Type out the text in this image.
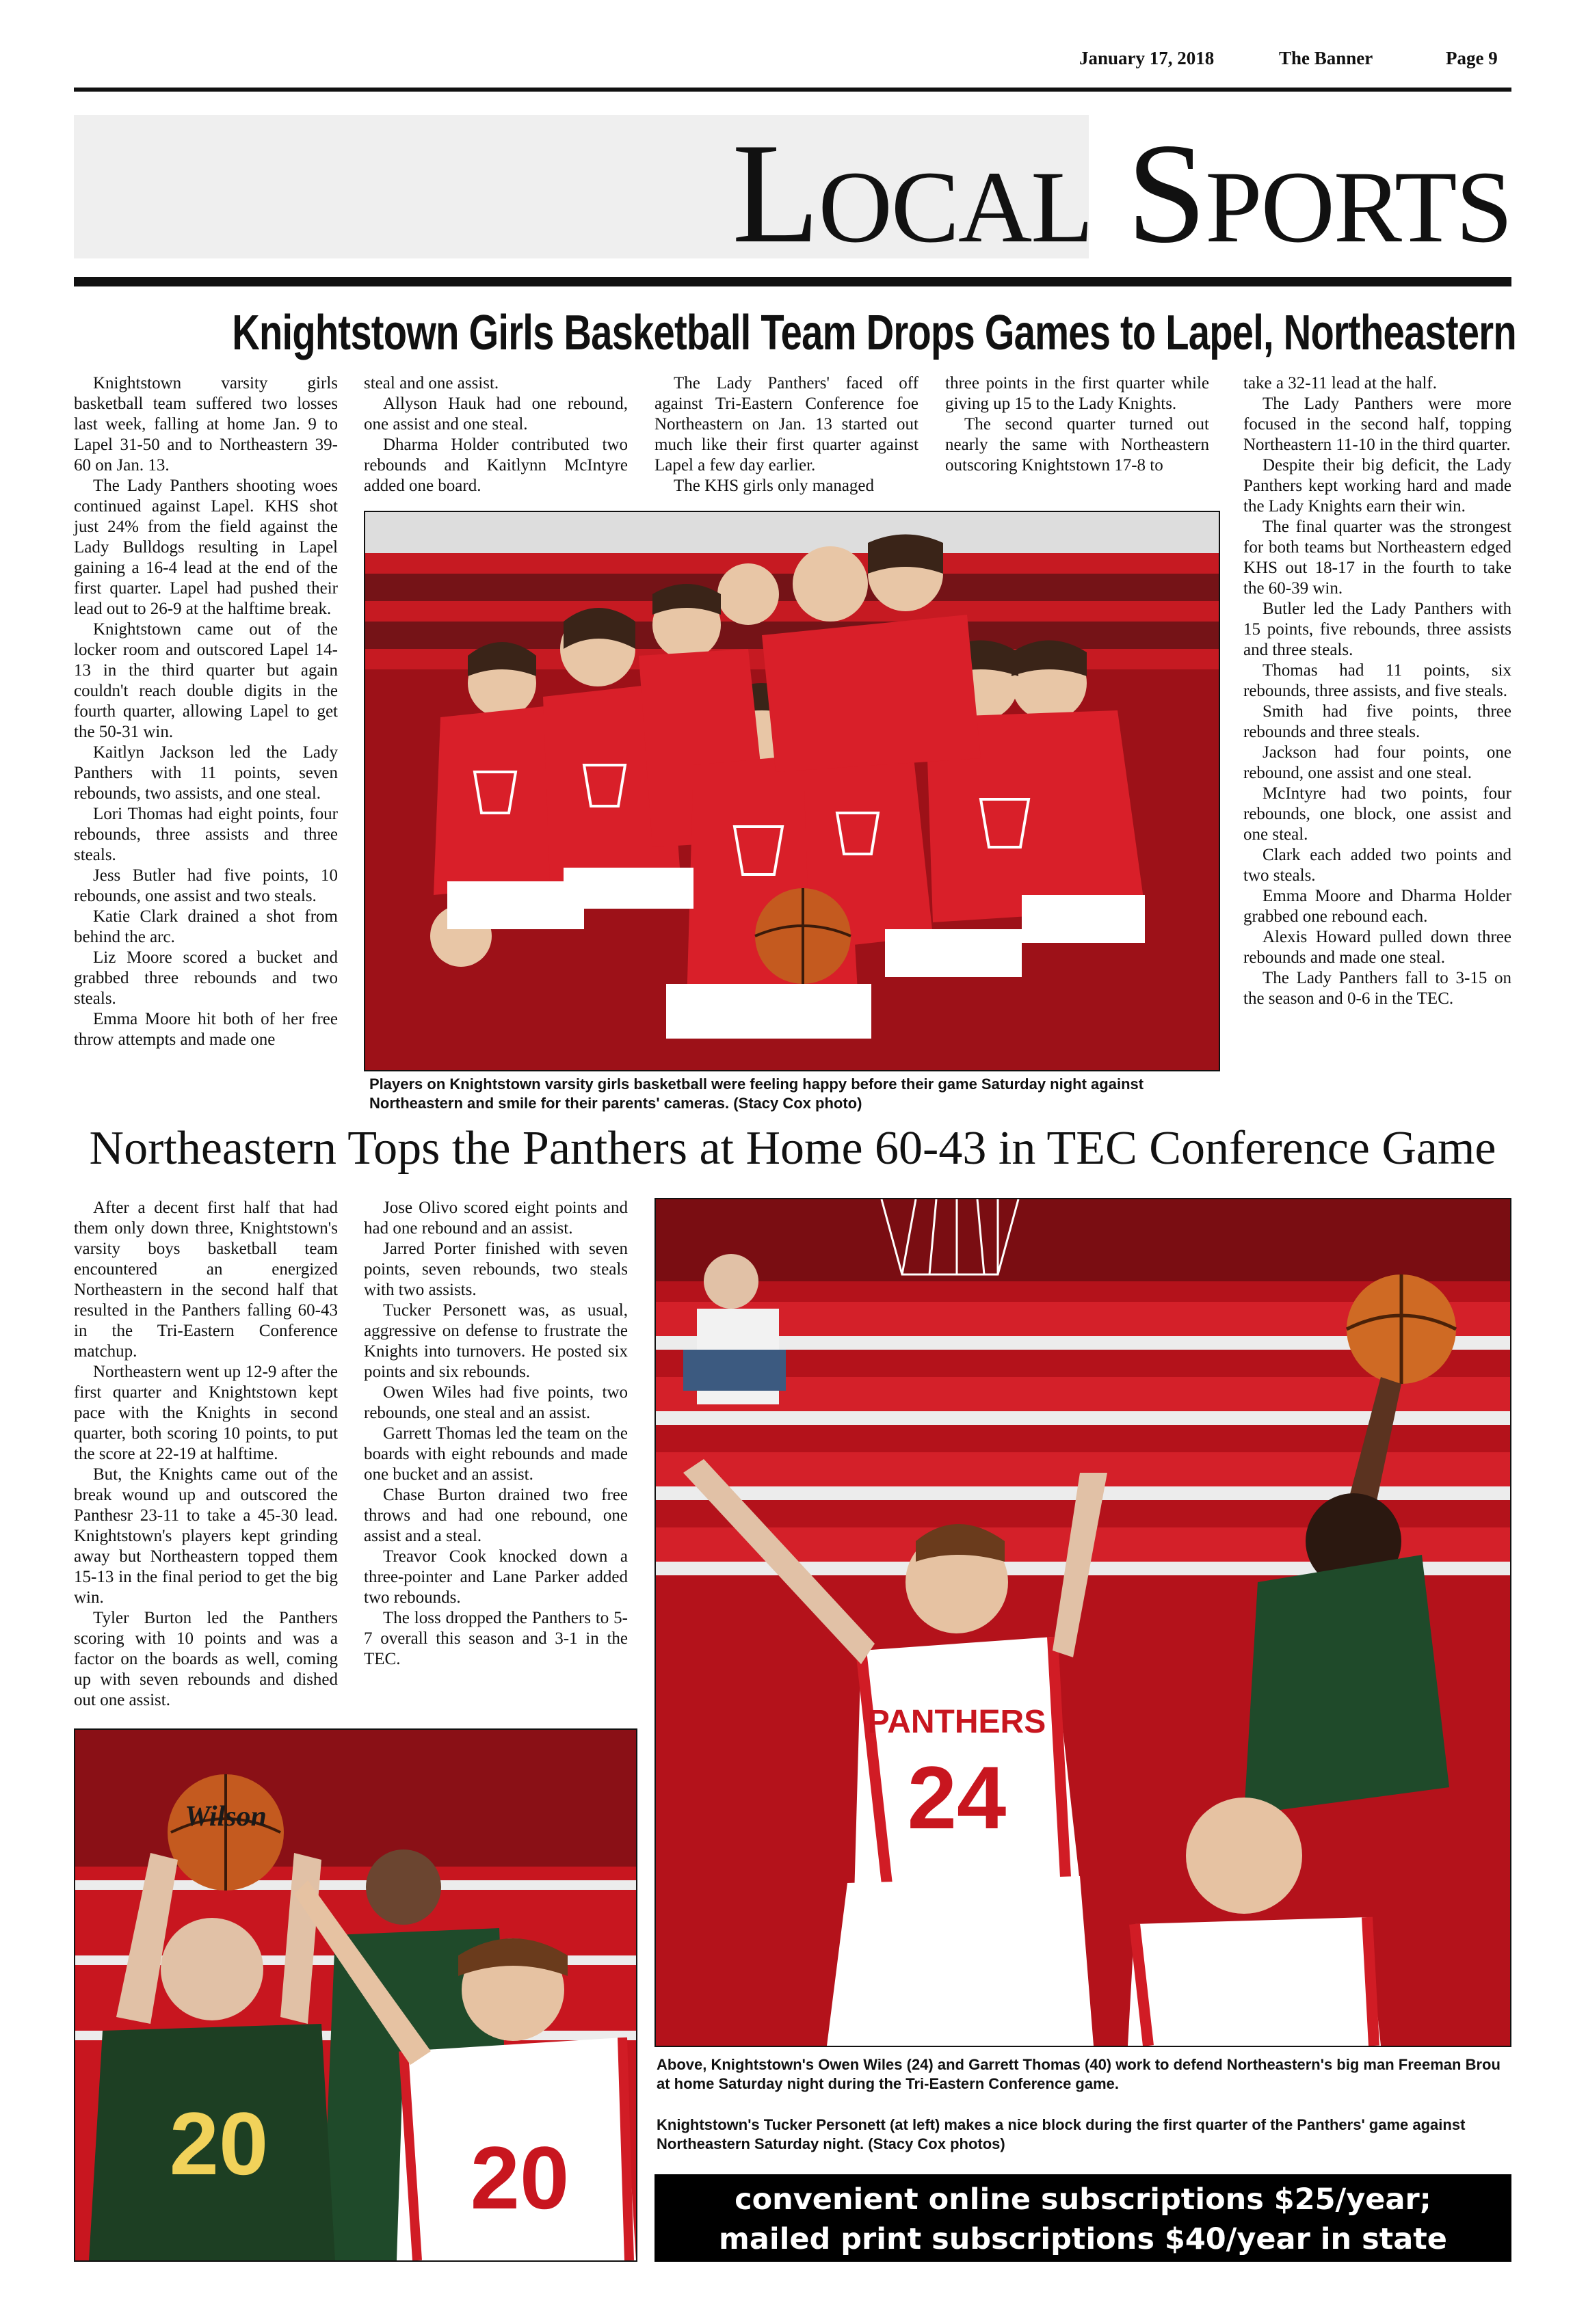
January 17, 2018	The Banner	Page 9
LOCAL SPORTS
Knightstown Girls Basketball Team Drops Games to Lapel, Northeastern

Knightstown varsity girls basketball team suffered two losses last week, falling at home Jan. 9 to Lapel 31-50 and to Northeastern 39-60 on Jan. 13.

The Lady Panthers shooting woes continued against Lapel. KHS shot just 24% from the field against the Lady Bulldogs resulting in Lapel gaining a 16-4 lead at the end of the first quarter. Lapel had pushed their lead out to 26-9 at the halftime break.

Knightstown came out of the locker room and outscored Lapel 14-13 in the third quarter but again couldn't reach double digits in the fourth quarter, allowing Lapel to get the 50-31 win.

Kaitlyn Jackson led the Lady Panthers with 11 points, seven rebounds, two assists, and one steal.

Lori Thomas had eight points, four rebounds, three assists and three steals.

Jess Butler had five points, 10 rebounds, one assist and two steals.

Katie Clark drained a shot from behind the arc.

Liz Moore scored a bucket and grabbed three rebounds and two steals.

Emma Moore hit both of her free throw attempts and made one

steal and one assist.

Allyson Hauk had one rebound, one assist and one steal.

Dharma Holder contributed two rebounds and Kaitlynn McIntyre added one board.

The Lady Panthers' faced off against Tri-Eastern Conference foe Northeastern on Jan. 13 started out much like their first quarter against Lapel a few day earlier.

The KHS girls only managed

three points in the first quarter while giving up 15 to the Lady Knights.

The second quarter turned out nearly the same with Northeastern outscoring Knightstown 17-8 to

take a 32-11 lead at the half.

The Lady Panthers were more focused in the second half, topping Northeastern 11-10 in the third quarter.

Despite their big deficit, the Lady Panthers kept working hard and made the Lady Knights earn their win.

The final quarter was the strongest for both teams but Northeastern edged KHS out 18-17 in the fourth to take the 60-39 win.

Butler led the Lady Panthers with 15 points, five rebounds, three assists and three steals.

Thomas had 11 points, six rebounds, three assists, and five steals.

Smith had five points, three rebounds and three steals.

Jackson had four points, one rebound, one assist and one steal.

McIntyre had two points, four rebounds, one block, one assist and one steal.

Clark each added two points and two steals.

Emma Moore and Dharma Holder grabbed one rebound each.

Alexis Howard pulled down three rebounds and made one steal.

The Lady Panthers fall to 3-15 on the season and 0-6 in the TEC.

Players on Knightstown varsity girls basketball were feeling happy before their game Saturday night against Northeastern and smile for their parents' cameras. (Stacy Cox photo)
Northeastern Tops the Panthers at Home 60-43 in TEC Conference Game

After a decent first half that had them only down three, Knightstown's varsity boys basketball team encountered an energized Northeastern in the second half that resulted in the Panthers falling 60-43 in the Tri-Eastern Conference matchup.

Northeastern went up 12-9 after the first quarter and Knightstown kept pace with the Knights in second quarter, both scoring 10 points, to put the score at 22-19 at halftime.

But, the Knights came out of the break wound up and outscored the Panthesr 23-11 to take a 45-30 lead. Knightstown's players kept grinding away but Northeastern topped them 15-13 in the final period to get the big win.

Tyler Burton led the Panthers scoring with 10 points and was a factor on the boards as well, coming up with seven rebounds and dished out one assist.

Jose Olivo scored eight points and had one rebound and an assist.

Jarred Porter finished with seven points, seven rebounds, two steals with two assists.

Tucker Personett was, as usual, aggressive on defense to frustrate the Knights into turnovers. He posted six points and six rebounds.

Owen Wiles had five points, two rebounds, one steal and an assist.

Garrett Thomas led the team on the boards with eight rebounds and made one bucket and an assist.

Chase Burton drained two free throws and had one rebound, one assist and a steal.

Treavor Cook knocked down a three-pointer and Lane Parker added two rebounds.

The loss dropped the Panthers to 5-7 overall this season and 3-1 in the TEC.

PANTHERS
24
Wilson
20 20
Above, Knightstown's Owen Wiles (24) and Garrett Thomas (40) work to defend Northeastern's big man Freeman Brou at home Saturday night during the Tri-Eastern Conference game.
Knightstown's Tucker Personett (at left) makes a nice block during the first quarter of the Panthers' game against Northeastern Saturday night. (Stacy Cox photos)
convenient online subscriptions $25/year;
mailed print subscriptions $40/year in state
